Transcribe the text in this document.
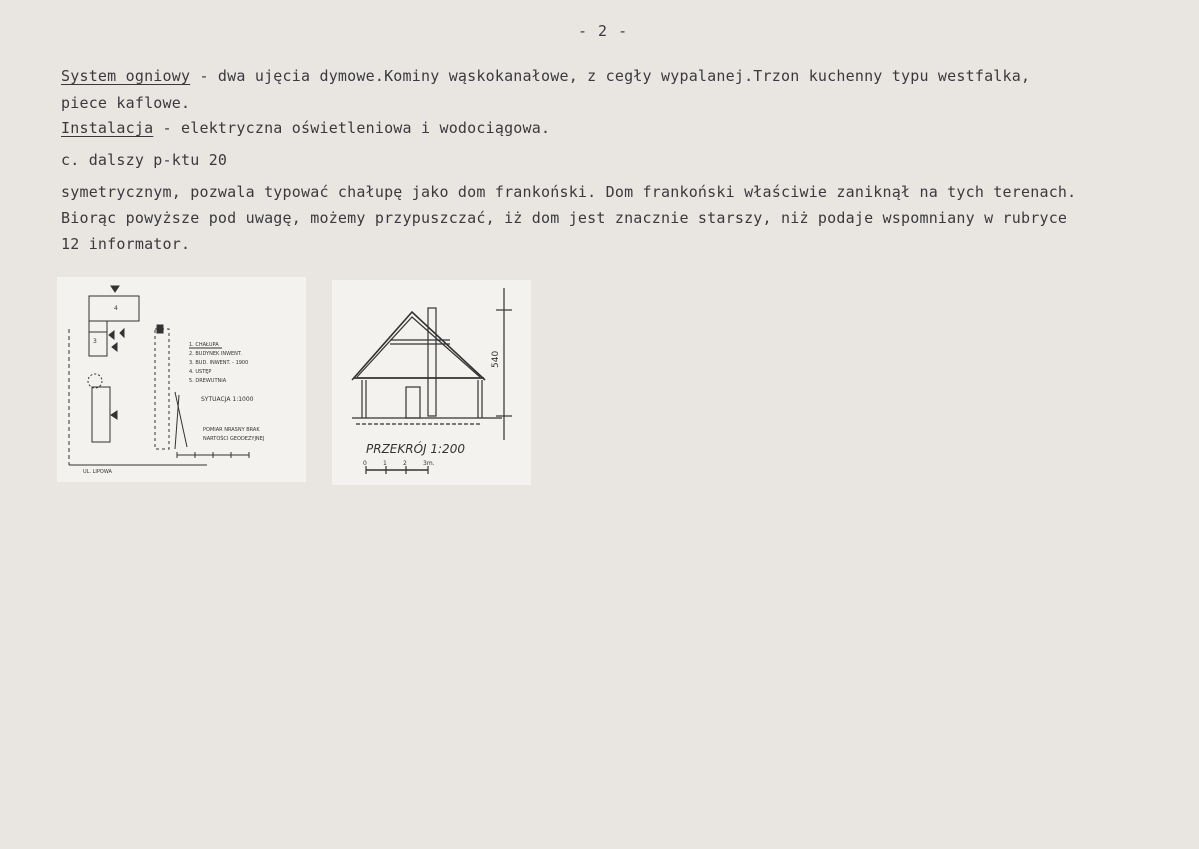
- 2 -
System ogniowy - dwa ujęcia dymowe.Kominy wąskokanałowe, z cegły wypalanej.Trzon kuchenny typu westfalka,
piece kaflowe.
Instalacja - elektryczna oświetleniowa i wodociągowa.
c. dalszy p-ktu 20
symetrycznym, pozwala typować chałupę jako dom frankoński. Dom frankoński właściwie zaniknął na tych terenach.
Biorąc powyższe pod uwagę, możemy przypuszczać, iż dom jest znacznie starszy, niż podaje wspomniany w rubryce
12 informator.
4
3
2
1. CHAŁUPA
2. BUDYNEK INWENT.
3. BUD. INWENT. - 1900
4. USTĘP
5. DREWUTNIA
SYTUACJA 1:1000
POMIAR NRASNY BRAK
NARTOŚCI GEODEZYJNEJ
UL. LIPOWA
540
PRZEKRÓJ 1:200
0	1	2	3m.
